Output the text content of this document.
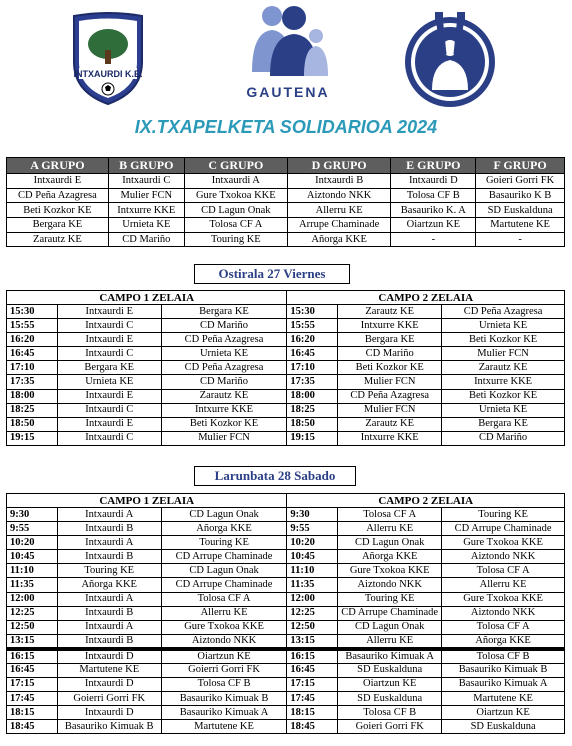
INTXAURDI K.E.
GAUTENA
IX.TXAPELKETA SOLIDARIOA 2024
A GRUPO	B GRUPO	C GRUPO	D GRUPO	E GRUPO	F GRUPO
Intxaurdi E	Intxaurdi C	Intxaurdi A	Intxaurdi B	Intxaurdi D	Goieri Gorri FK
CD Peña Azagresa	Mulier FCN	Gure Txokoa KKE	Aiztondo NKK	Tolosa CF B	Basauriko K B
Beti Kozkor KE	Intxurre KKE	CD Lagun Onak	Allerru KE	Basauriko K. A	SD Euskalduna
Bergara KE	Urnieta KE	Tolosa CF A	Arrupe Chaminade	Oiartzun KE	Martutene KE
Zarautz KE	CD Mariño	Touring KE	Añorga KKE	-	-
Ostirala 27 Viernes
CAMPO 1 ZELAIA			CAMPO 2 ZELAIA		
15:30	Intxaurdi E	Bergara KE	15:30	Zarautz KE	CD Peña Azagresa
15:55	Intxaurdi C	CD Mariño	15:55	Intxurre KKE	Urnieta KE
16:20	Intxaurdi E	CD Peña Azagresa	16:20	Bergara KE	Beti Kozkor KE
16:45	Intxaurdi C	Urnieta KE	16:45	CD Mariño	Mulier FCN
17:10	Bergara KE	CD Peña Azagresa	17:10	Beti Kozkor KE	Zarautz KE
17:35	Urnieta KE	CD Mariño	17:35	Mulier FCN	Intxurre KKE
18:00	Intxaurdi E	Zarautz KE	18:00	CD Peña Azagresa	Beti Kozkor KE
18:25	Intxaurdi C	Intxurre KKE	18:25	Mulier FCN	Urnieta KE
18:50	Intxaurdi E	Beti Kozkor KE	18:50	Zarautz KE	Bergara KE
19:15	Intxaurdi C	Mulier FCN	19:15	Intxurre KKE	CD Mariño
Larunbata 28 Sabado
CAMPO 1 ZELAIA			CAMPO 2 ZELAIA		
9:30	Intxaurdi A	CD Lagun Onak	9:30	Tolosa CF A	Touring KE
9:55	Intxaurdi B	Añorga KKE	9:55	Allerru KE	CD Arrupe Chaminade
10:20	Intxaurdi A	Touring KE	10:20	CD Lagun Onak	Gure Txokoa KKE
10:45	Intxaurdi B	CD Arrupe Chaminade	10:45	Añorga KKE	Aiztondo NKK
11:10	Touring KE	CD Lagun Onak	11:10	Gure Txokoa KKE	Tolosa CF A
11:35	Añorga KKE	CD Arrupe Chaminade	11:35	Aiztondo NKK	Allerru KE
12:00	Intxaurdi A	Tolosa CF A	12:00	Touring KE	Gure Txokoa KKE
12:25	Intxaurdi B	Allerru KE	12:25	CD Arrupe Chaminade	Aiztondo NKK
12:50	Intxaurdi A	Gure Txokoa KKE	12:50	CD Lagun Onak	Tolosa CF A
13:15	Intxaurdi B	Aiztondo NKK	13:15	Allerru KE	Añorga KKE
16:15	Intxaurdi D	Oiartzun KE	16:15	Basauriko Kimuak A	Tolosa CF B
16:45	Martutene KE	Goierri Gorri FK	16:45	SD Euskalduna	Basauriko Kimuak B
17:15	Intxaurdi D	Tolosa CF B	17:15	Oiartzun KE	Basauriko Kimuak A
17:45	Goierri Gorri FK	Basauriko Kimuak B	17:45	SD Euskalduna	Martutene KE
18:15	Intxaurdi D	Basauriko Kimuak A	18:15	Tolosa CF B	Oiartzun KE
18:45	Basauriko Kimuak B	Martutene KE	18:45	Goieri Gorri FK	SD Euskalduna
